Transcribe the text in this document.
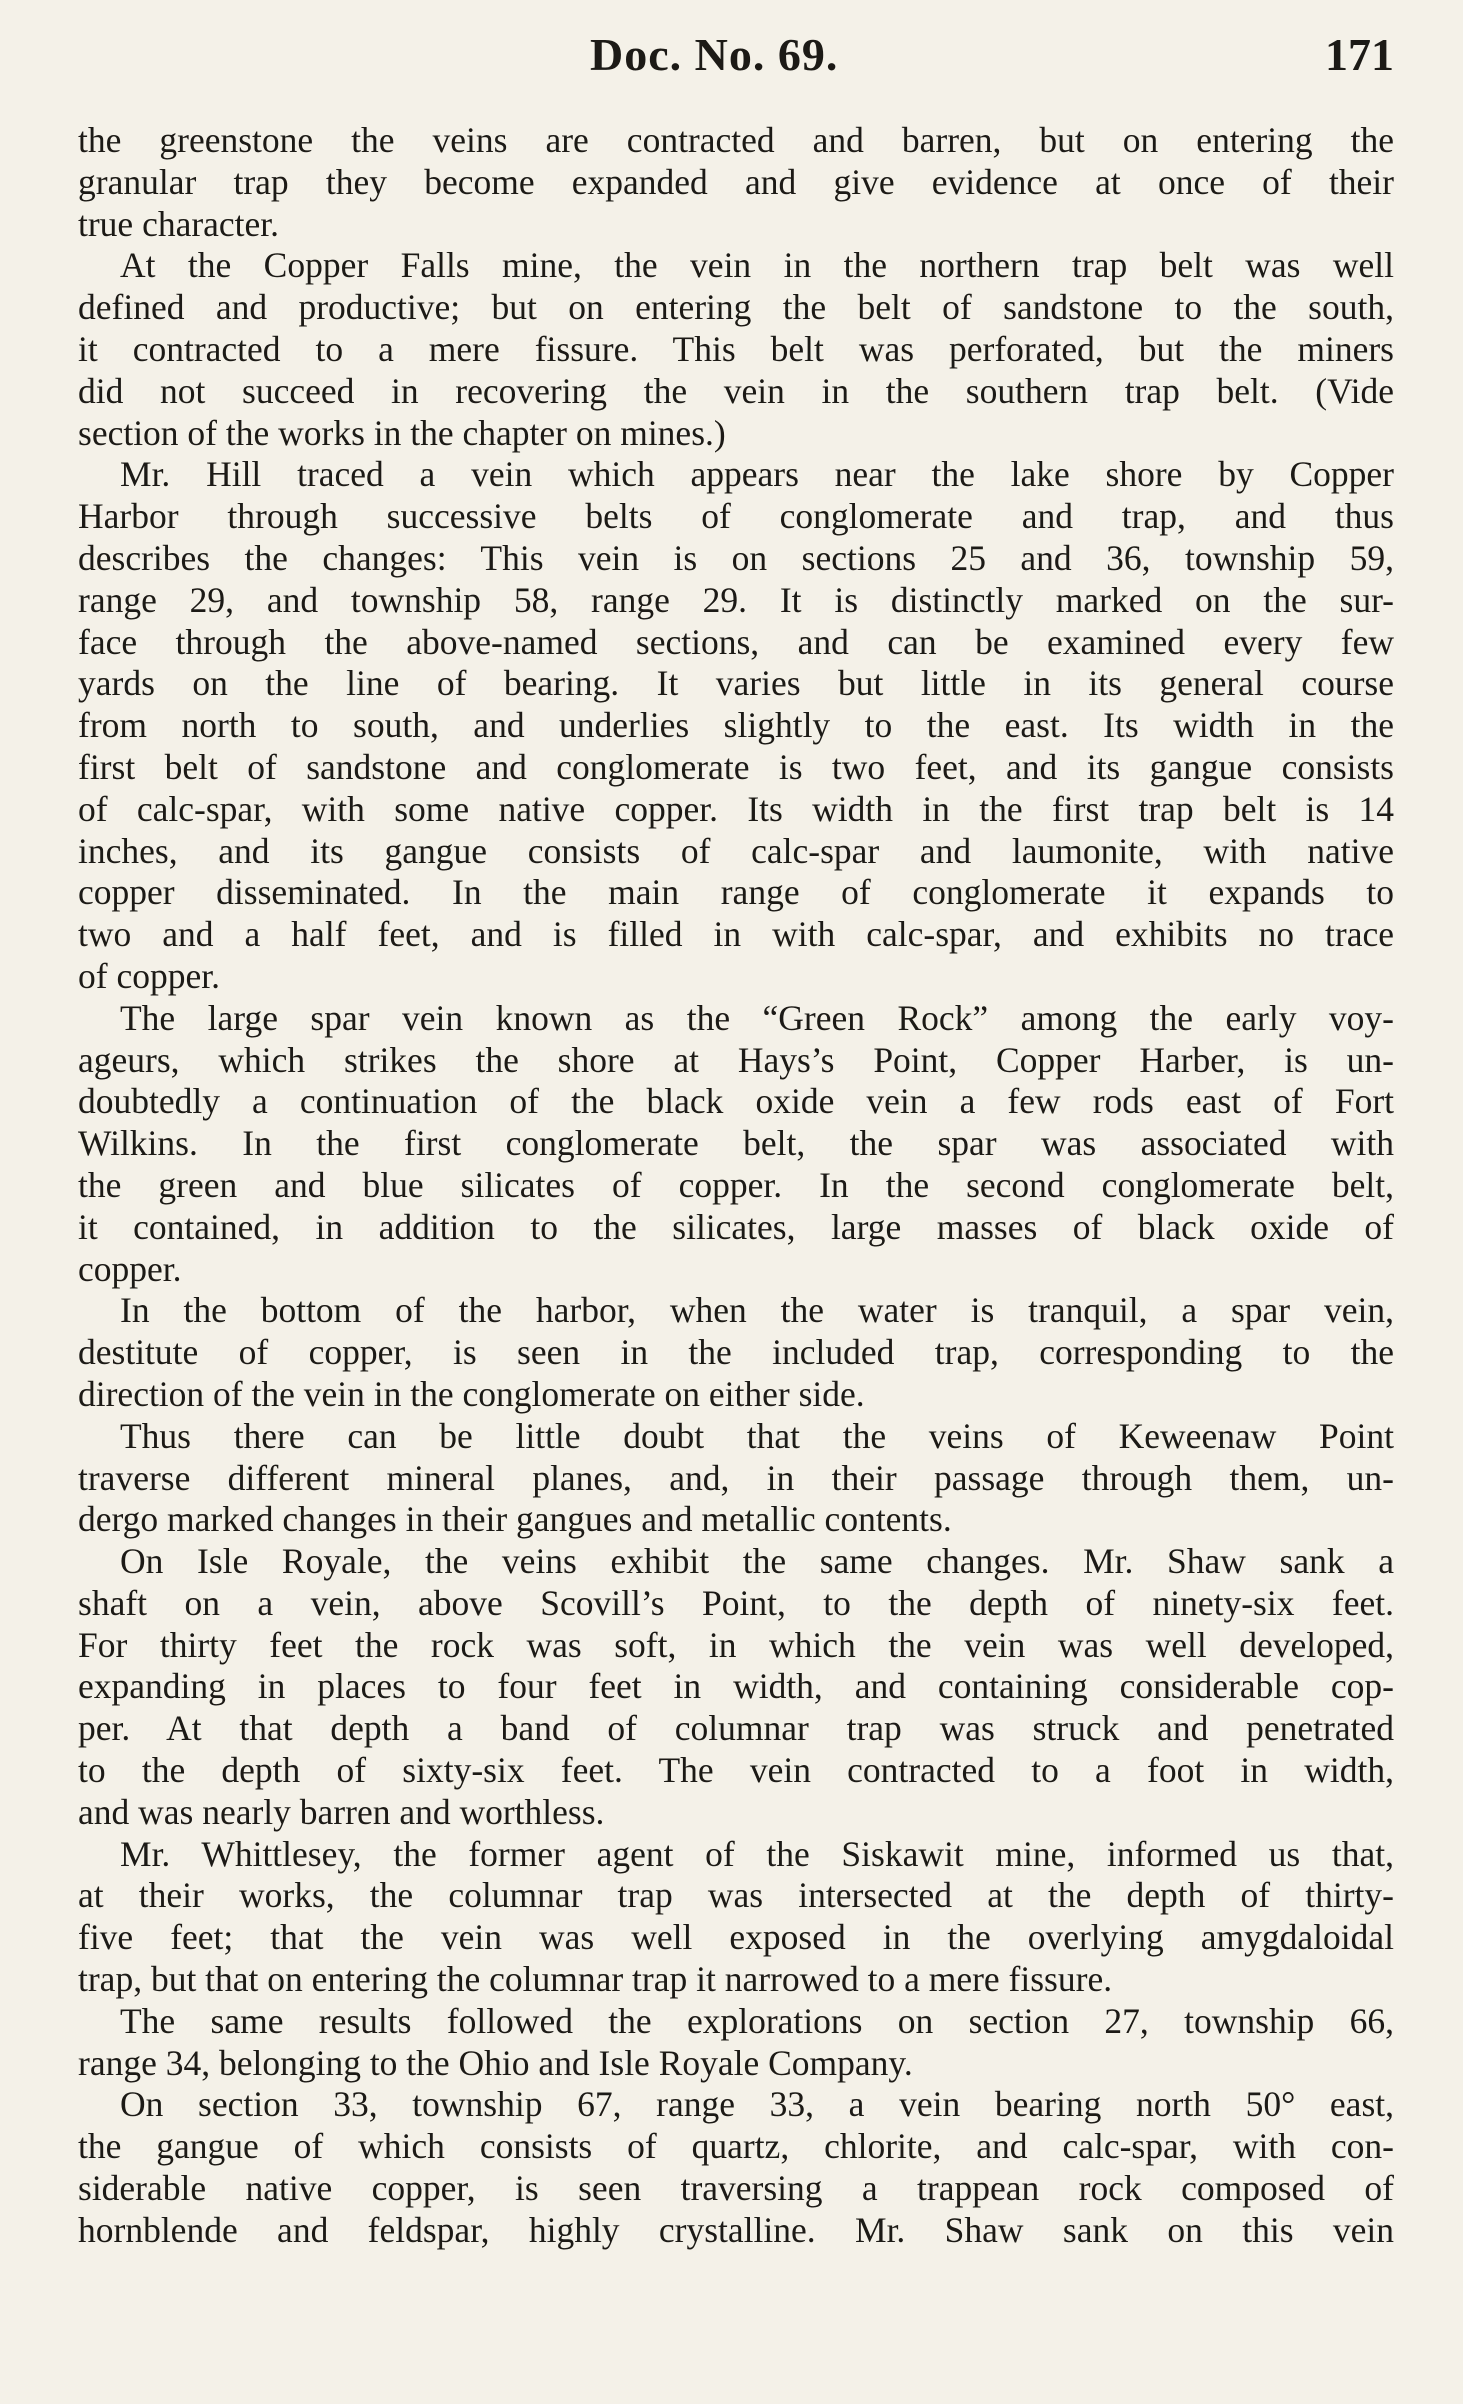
Doc. No. 69.	171
the greenstone the veins are contracted and barren, but on entering the
granular trap they become expanded and give evidence at once of their
true character.
At the Copper Falls mine, the vein in the northern trap belt was well
defined and productive; but on entering the belt of sandstone to the south,
it contracted to a mere fissure. This belt was perforated, but the miners
did not succeed in recovering the vein in the southern trap belt. (Vide
section of the works in the chapter on mines.)
Mr. Hill traced a vein which appears near the lake shore by Copper
Harbor through successive belts of conglomerate and trap, and thus
describes the changes: This vein is on sections 25 and 36, township 59,
range 29, and township 58, range 29. It is distinctly marked on the sur-
face through the above-named sections, and can be examined every few
yards on the line of bearing. It varies but little in its general course
from north to south, and underlies slightly to the east. Its width in the
first belt of sandstone and conglomerate is two feet, and its gangue consists
of calc-spar, with some native copper. Its width in the first trap belt is 14
inches, and its gangue consists of calc-spar and laumonite, with native
copper disseminated. In the main range of conglomerate it expands to
two and a half feet, and is filled in with calc-spar, and exhibits no trace
of copper.
The large spar vein known as the “Green Rock” among the early voy-
ageurs, which strikes the shore at Hays’s Point, Copper Harber, is un-
doubtedly a continuation of the black oxide vein a few rods east of Fort
Wilkins. In the first conglomerate belt, the spar was associated with
the green and blue silicates of copper. In the second conglomerate belt,
it contained, in addition to the silicates, large masses of black oxide of
copper.
In the bottom of the harbor, when the water is tranquil, a spar vein,
destitute of copper, is seen in the included trap, corresponding to the
direction of the vein in the conglomerate on either side.
Thus there can be little doubt that the veins of Keweenaw Point
traverse different mineral planes, and, in their passage through them, un-
dergo marked changes in their gangues and metallic contents.
On Isle Royale, the veins exhibit the same changes. Mr. Shaw sank a
shaft on a vein, above Scovill’s Point, to the depth of ninety-six feet.
For thirty feet the rock was soft, in which the vein was well developed,
expanding in places to four feet in width, and containing considerable cop-
per. At that depth a band of columnar trap was struck and penetrated
to the depth of sixty-six feet. The vein contracted to a foot in width,
and was nearly barren and worthless.
Mr. Whittlesey, the former agent of the Siskawit mine, informed us that,
at their works, the columnar trap was intersected at the depth of thirty-
five feet; that the vein was well exposed in the overlying amygdaloidal
trap, but that on entering the columnar trap it narrowed to a mere fissure.
The same results followed the explorations on section 27, township 66,
range 34, belonging to the Ohio and Isle Royale Company.
On section 33, township 67, range 33, a vein bearing north 50° east,
the gangue of which consists of quartz, chlorite, and calc-spar, with con-
siderable native copper, is seen traversing a trappean rock composed of
hornblende and feldspar, highly crystalline. Mr. Shaw sank on this vein
